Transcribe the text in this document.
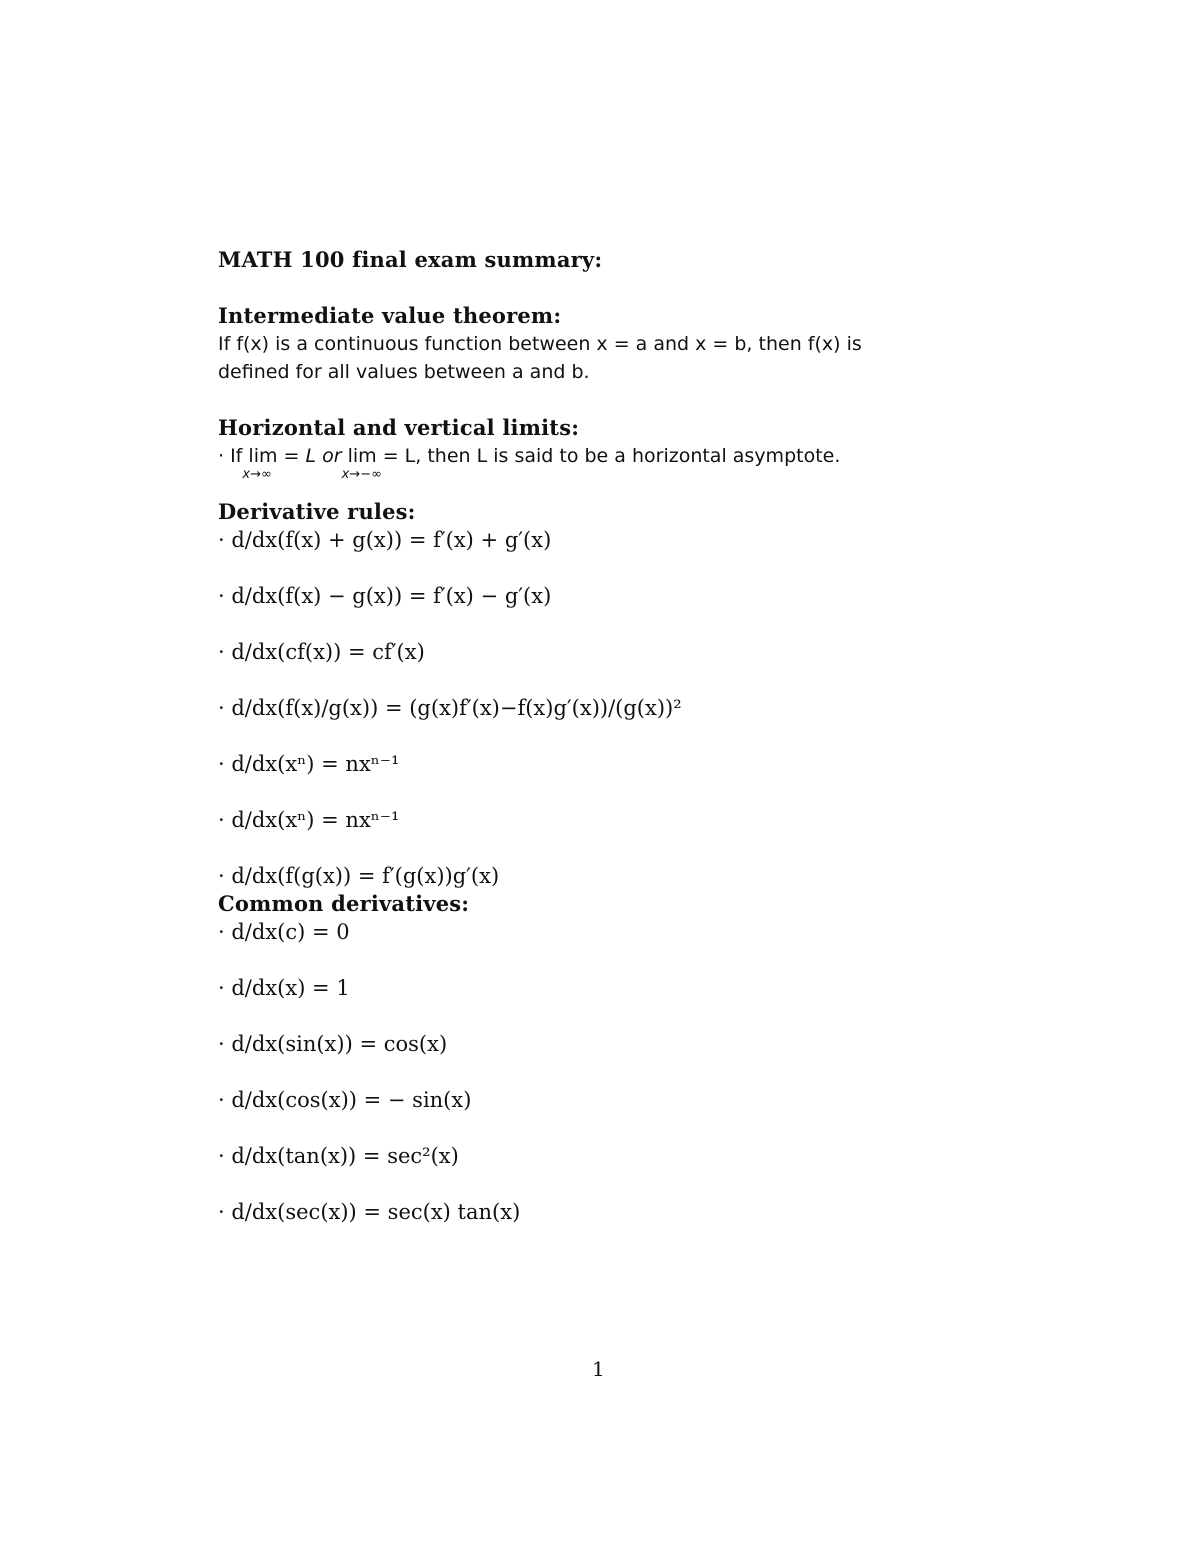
MATH 100 final exam summary:
Intermediate value theorem:
If f(x) is a continuous function between x = a and x = b, then f(x) is
defined for all values between a and b.
Horizontal and vertical limits:
· If lim
x→∞
= L or lim
x→−∞
= L, then L is said to be a horizontal asymptote.
Derivative rules:
· d/dx(f(x) + g(x)) = f′(x) + g′(x)
· d/dx(f(x) − g(x)) = f′(x) − g′(x)
· d/dx(cf(x)) = cf′(x)
· d/dx(f(x)/g(x)) = (g(x)f′(x)−f(x)g′(x))/(g(x))²
· d/dx(xⁿ) = nxⁿ⁻¹
· d/dx(xⁿ) = nxⁿ⁻¹
· d/dx(f(g(x)) = f′(g(x))g′(x)
Common derivatives:
· d/dx(c) = 0
· d/dx(x) = 1
· d/dx(sin(x)) = cos(x)
· d/dx(cos(x)) = − sin(x)
· d/dx(tan(x)) = sec²(x)
· d/dx(sec(x)) = sec(x) tan(x)
1
